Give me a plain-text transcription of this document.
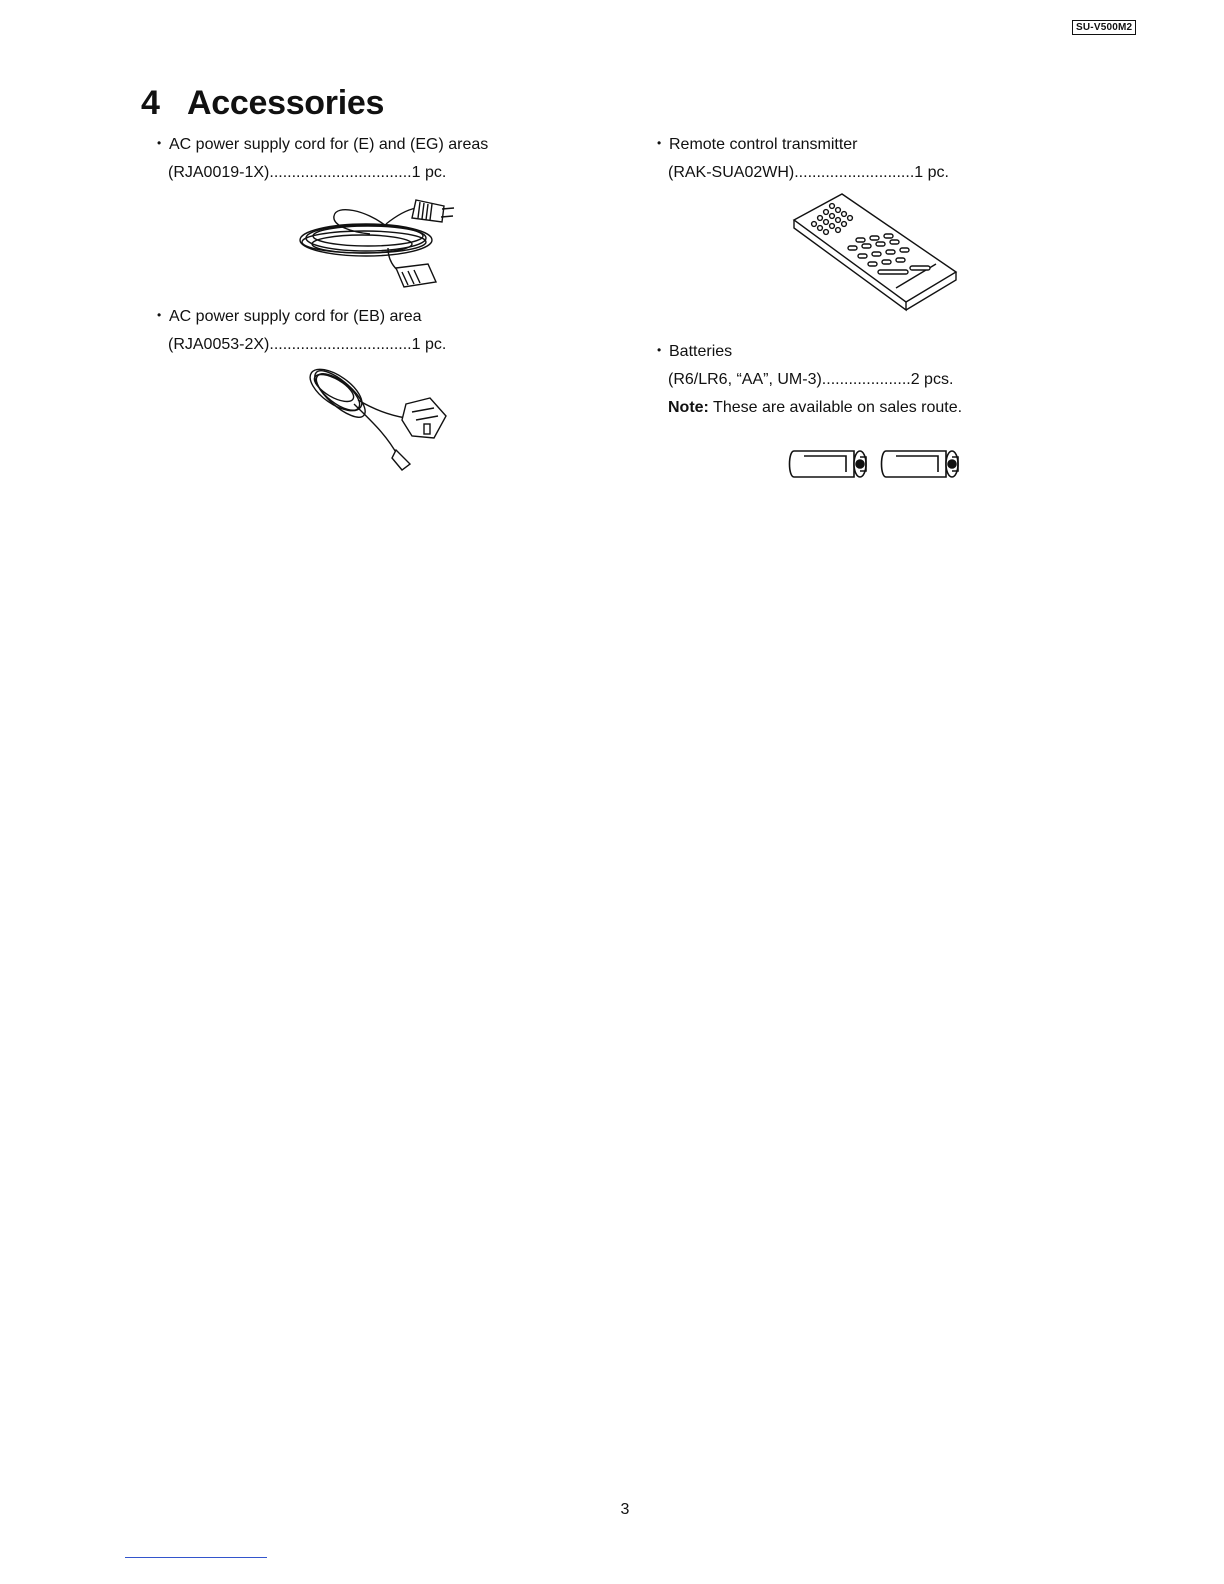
SU-V500M2
4 Accessories
• AC power supply cord for (E) and (EG) areas
(RJA0019-1X)................................1 pc.
• AC power supply cord for (EB) area
(RJA0053-2X)................................1 pc.
• Remote control transmitter
(RAK-SUA02WH)...........................1 pc.
• Batteries
(R6/LR6, “AA”, UM-3)....................2 pcs.
Note: These are available on sales route.
3
